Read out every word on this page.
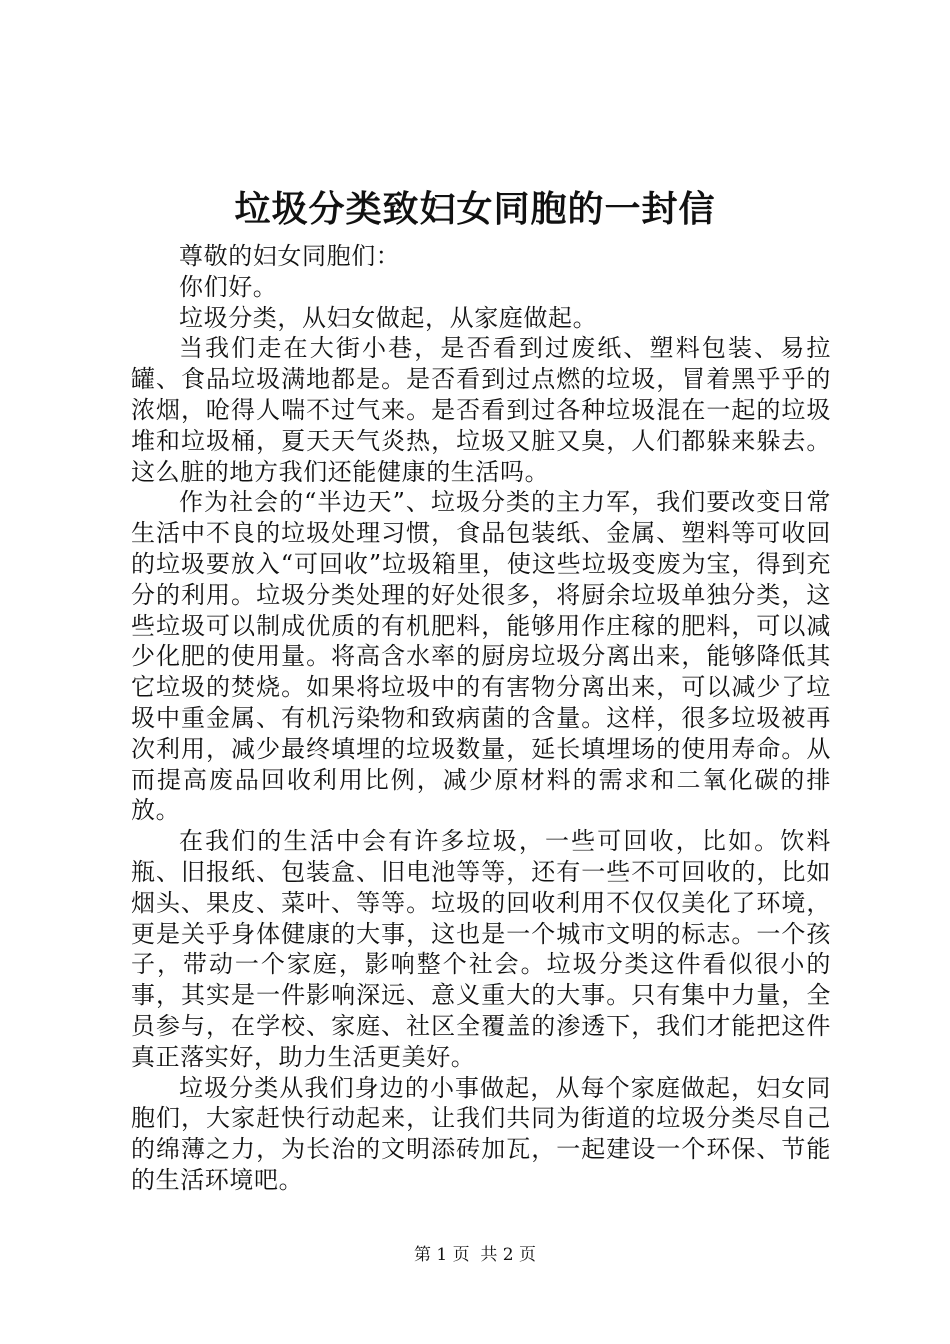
垃圾分类致妇女同胞的一封信

尊敬的妇女同胞们：

你们好。

垃圾分类，从妇女做起，从家庭做起。

当我们走在大街小巷，是否看到过废纸、塑料包装、易拉罐、食品垃圾满地都是。是否看到过点燃的垃圾，冒着黑乎乎的浓烟，呛得人喘不过气来。是否看到过各种垃圾混在一起的垃圾堆和垃圾桶，夏天天气炎热，垃圾又脏又臭，人们都躲来躲去。这么脏的地方我们还能健康的生活吗。

作为社会的“半边天”、垃圾分类的主力军，我们要改变日常生活中不良的垃圾处理习惯，食品包装纸、金属、塑料等可收回的垃圾要放入“可回收”垃圾箱里，使这些垃圾变废为宝，得到充分的利用。垃圾分类处理的好处很多，将厨余垃圾单独分类，这些垃圾可以制成优质的有机肥料，能够用作庄稼的肥料，可以减少化肥的使用量。将高含水率的厨房垃圾分离出来，能够降低其它垃圾的焚烧。如果将垃圾中的有害物分离出来，可以减少了垃圾中重金属、有机污染物和致病菌的含量。这样，很多垃圾被再次利用，减少最终填埋的垃圾数量，延长填埋场的使用寿命。从而提高废品回收利用比例，减少原材料的需求和二氧化碳的排放。

在我们的生活中会有许多垃圾，一些可回收，比如。饮料瓶、旧报纸、包装盒、旧电池等等，还有一些不可回收的，比如烟头、果皮、菜叶、等等。垃圾的回收利用不仅仅美化了环境，更是关乎身体健康的大事，这也是一个城市文明的标志。一个孩子，带动一个家庭，影响整个社会。垃圾分类这件看似很小的事，其实是一件影响深远、意义重大的大事。只有集中力量，全员参与，在学校、家庭、社区全覆盖的渗透下，我们才能把这件真正落实好，助力生活更美好。

垃圾分类从我们身边的小事做起，从每个家庭做起，妇女同胞们，大家赶快行动起来，让我们共同为街道的垃圾分类尽自己的绵薄之力，为长治的文明添砖加瓦，一起建设一个环保、节能的生活环境吧。

第 1 页  共 2 页
